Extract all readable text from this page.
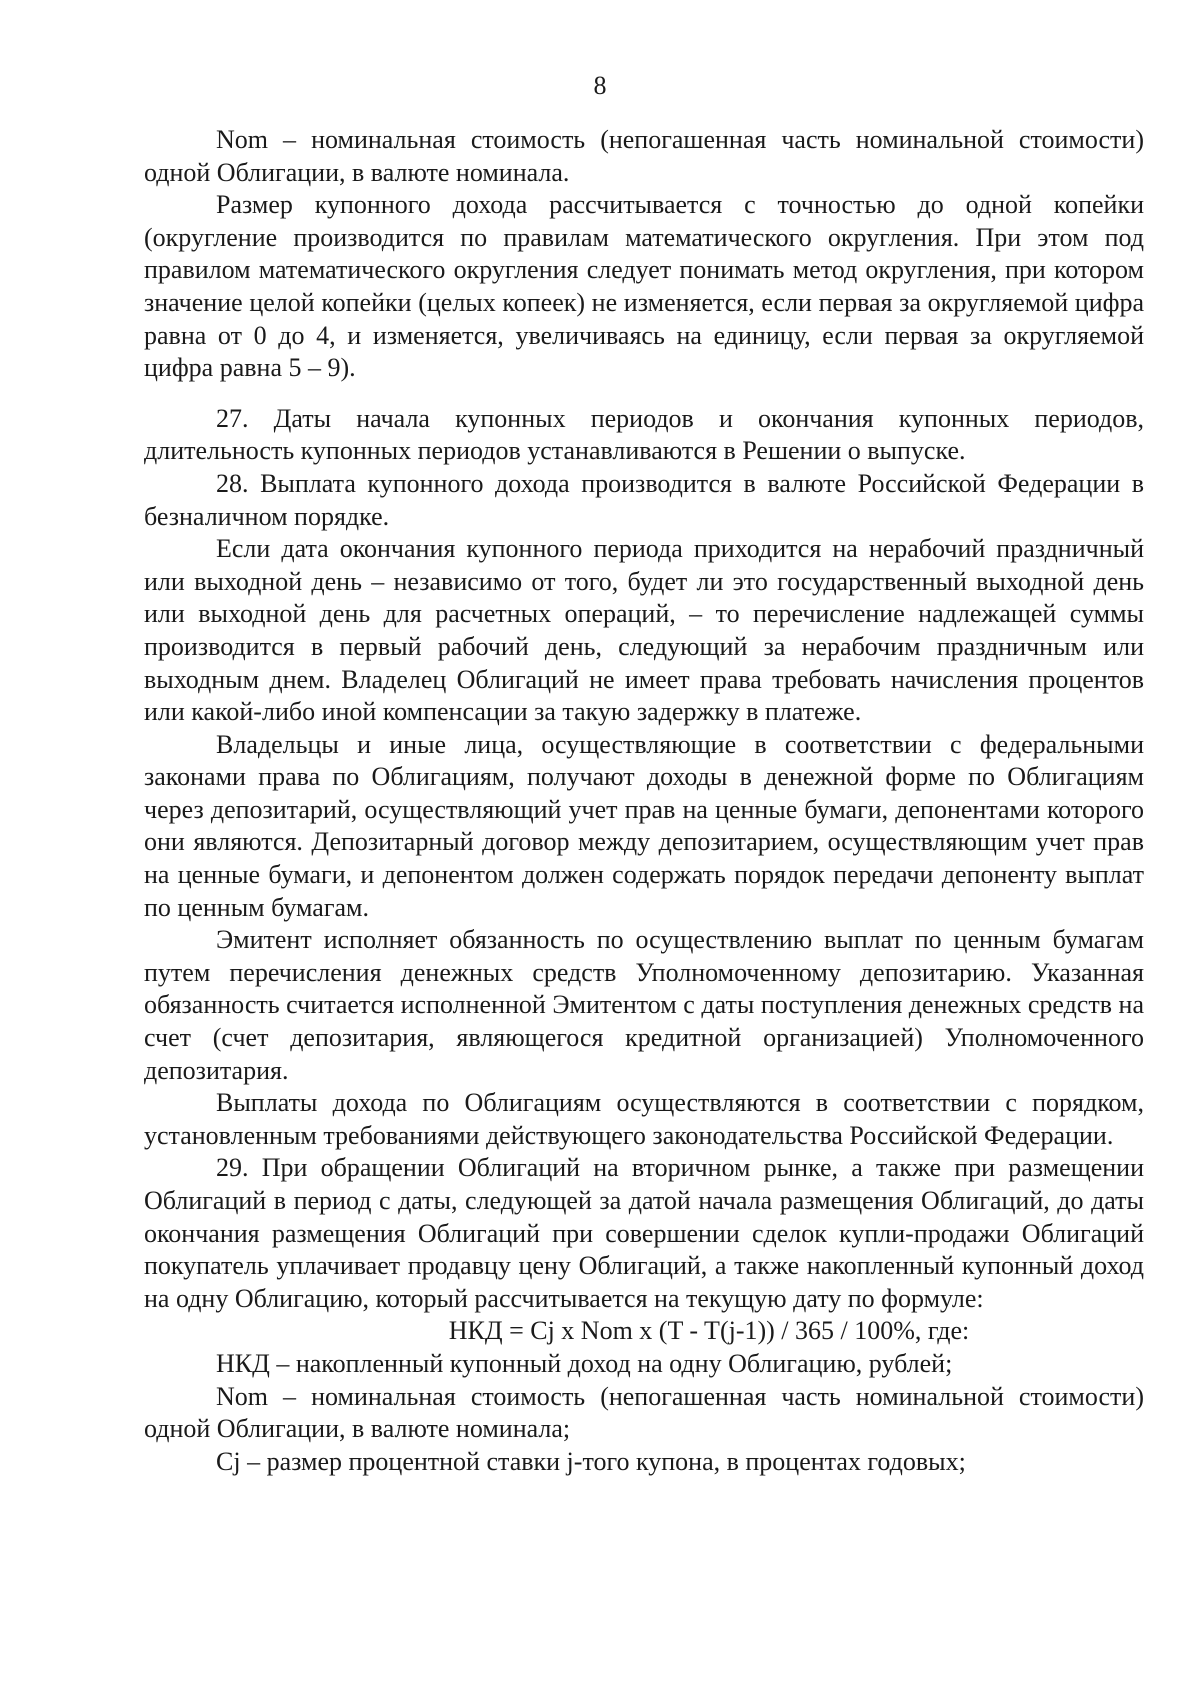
8

Nom – номинальная стоимость (непогашенная часть номинальной стоимости) одной Облигации, в валюте номинала.

Размер купонного дохода рассчитывается с точностью до одной копейки (округление производится по правилам математического округления. При этом под правилом математического округления следует понимать метод округления, при котором значение целой копейки (целых копеек) не изменяется, если первая за округляемой цифра равна от 0 до 4, и изменяется, увеличиваясь на единицу, если первая за округляемой цифра равна 5 – 9).

27. Даты начала купонных периодов и окончания купонных периодов, длительность купонных периодов устанавливаются в Решении о выпуске.

28. Выплата купонного дохода производится в валюте Российской Федерации в безналичном порядке.

Если дата окончания купонного периода приходится на нерабочий праздничный или выходной день – независимо от того, будет ли это государственный выходной день или выходной день для расчетных операций, – то перечисление надлежащей суммы производится в первый рабочий день, следующий за нерабочим праздничным или выходным днем. Владелец Облигаций не имеет права требовать начисления процентов или какой-либо иной компенсации за такую задержку в платеже.

Владельцы и иные лица, осуществляющие в соответствии с федеральными законами права по Облигациям, получают доходы в денежной форме по Облигациям через депозитарий, осуществляющий учет прав на ценные бумаги, депонентами которого они являются. Депозитарный договор между депозитарием, осуществляющим учет прав на ценные бумаги, и депонентом должен содержать порядок передачи депоненту выплат по ценным бумагам.

Эмитент исполняет обязанность по осуществлению выплат по ценным бумагам путем перечисления денежных средств Уполномоченному депозитарию. Указанная обязанность считается исполненной Эмитентом с даты поступления денежных средств на счет (счет депозитария, являющегося кредитной организацией) Уполномоченного депозитария.

Выплаты дохода по Облигациям осуществляются в соответствии с порядком, установленным требованиями действующего законодательства Российской Федерации.

29. При обращении Облигаций на вторичном рынке, а также при размещении Облигаций в период с даты, следующей за датой начала размещения Облигаций, до даты окончания размещения Облигаций при совершении сделок купли-продажи Облигаций покупатель уплачивает продавцу цену Облигаций, а также накопленный купонный доход на одну Облигацию, который рассчитывается на текущую дату по формуле:

НКД = Cj x Nom x (T - T(j-1)) / 365 / 100%, где:

НКД – накопленный купонный доход на одну Облигацию, рублей;

Nom – номинальная стоимость (непогашенная часть номинальной стоимости) одной Облигации, в валюте номинала;

Cj – размер процентной ставки j-того купона, в процентах годовых;
